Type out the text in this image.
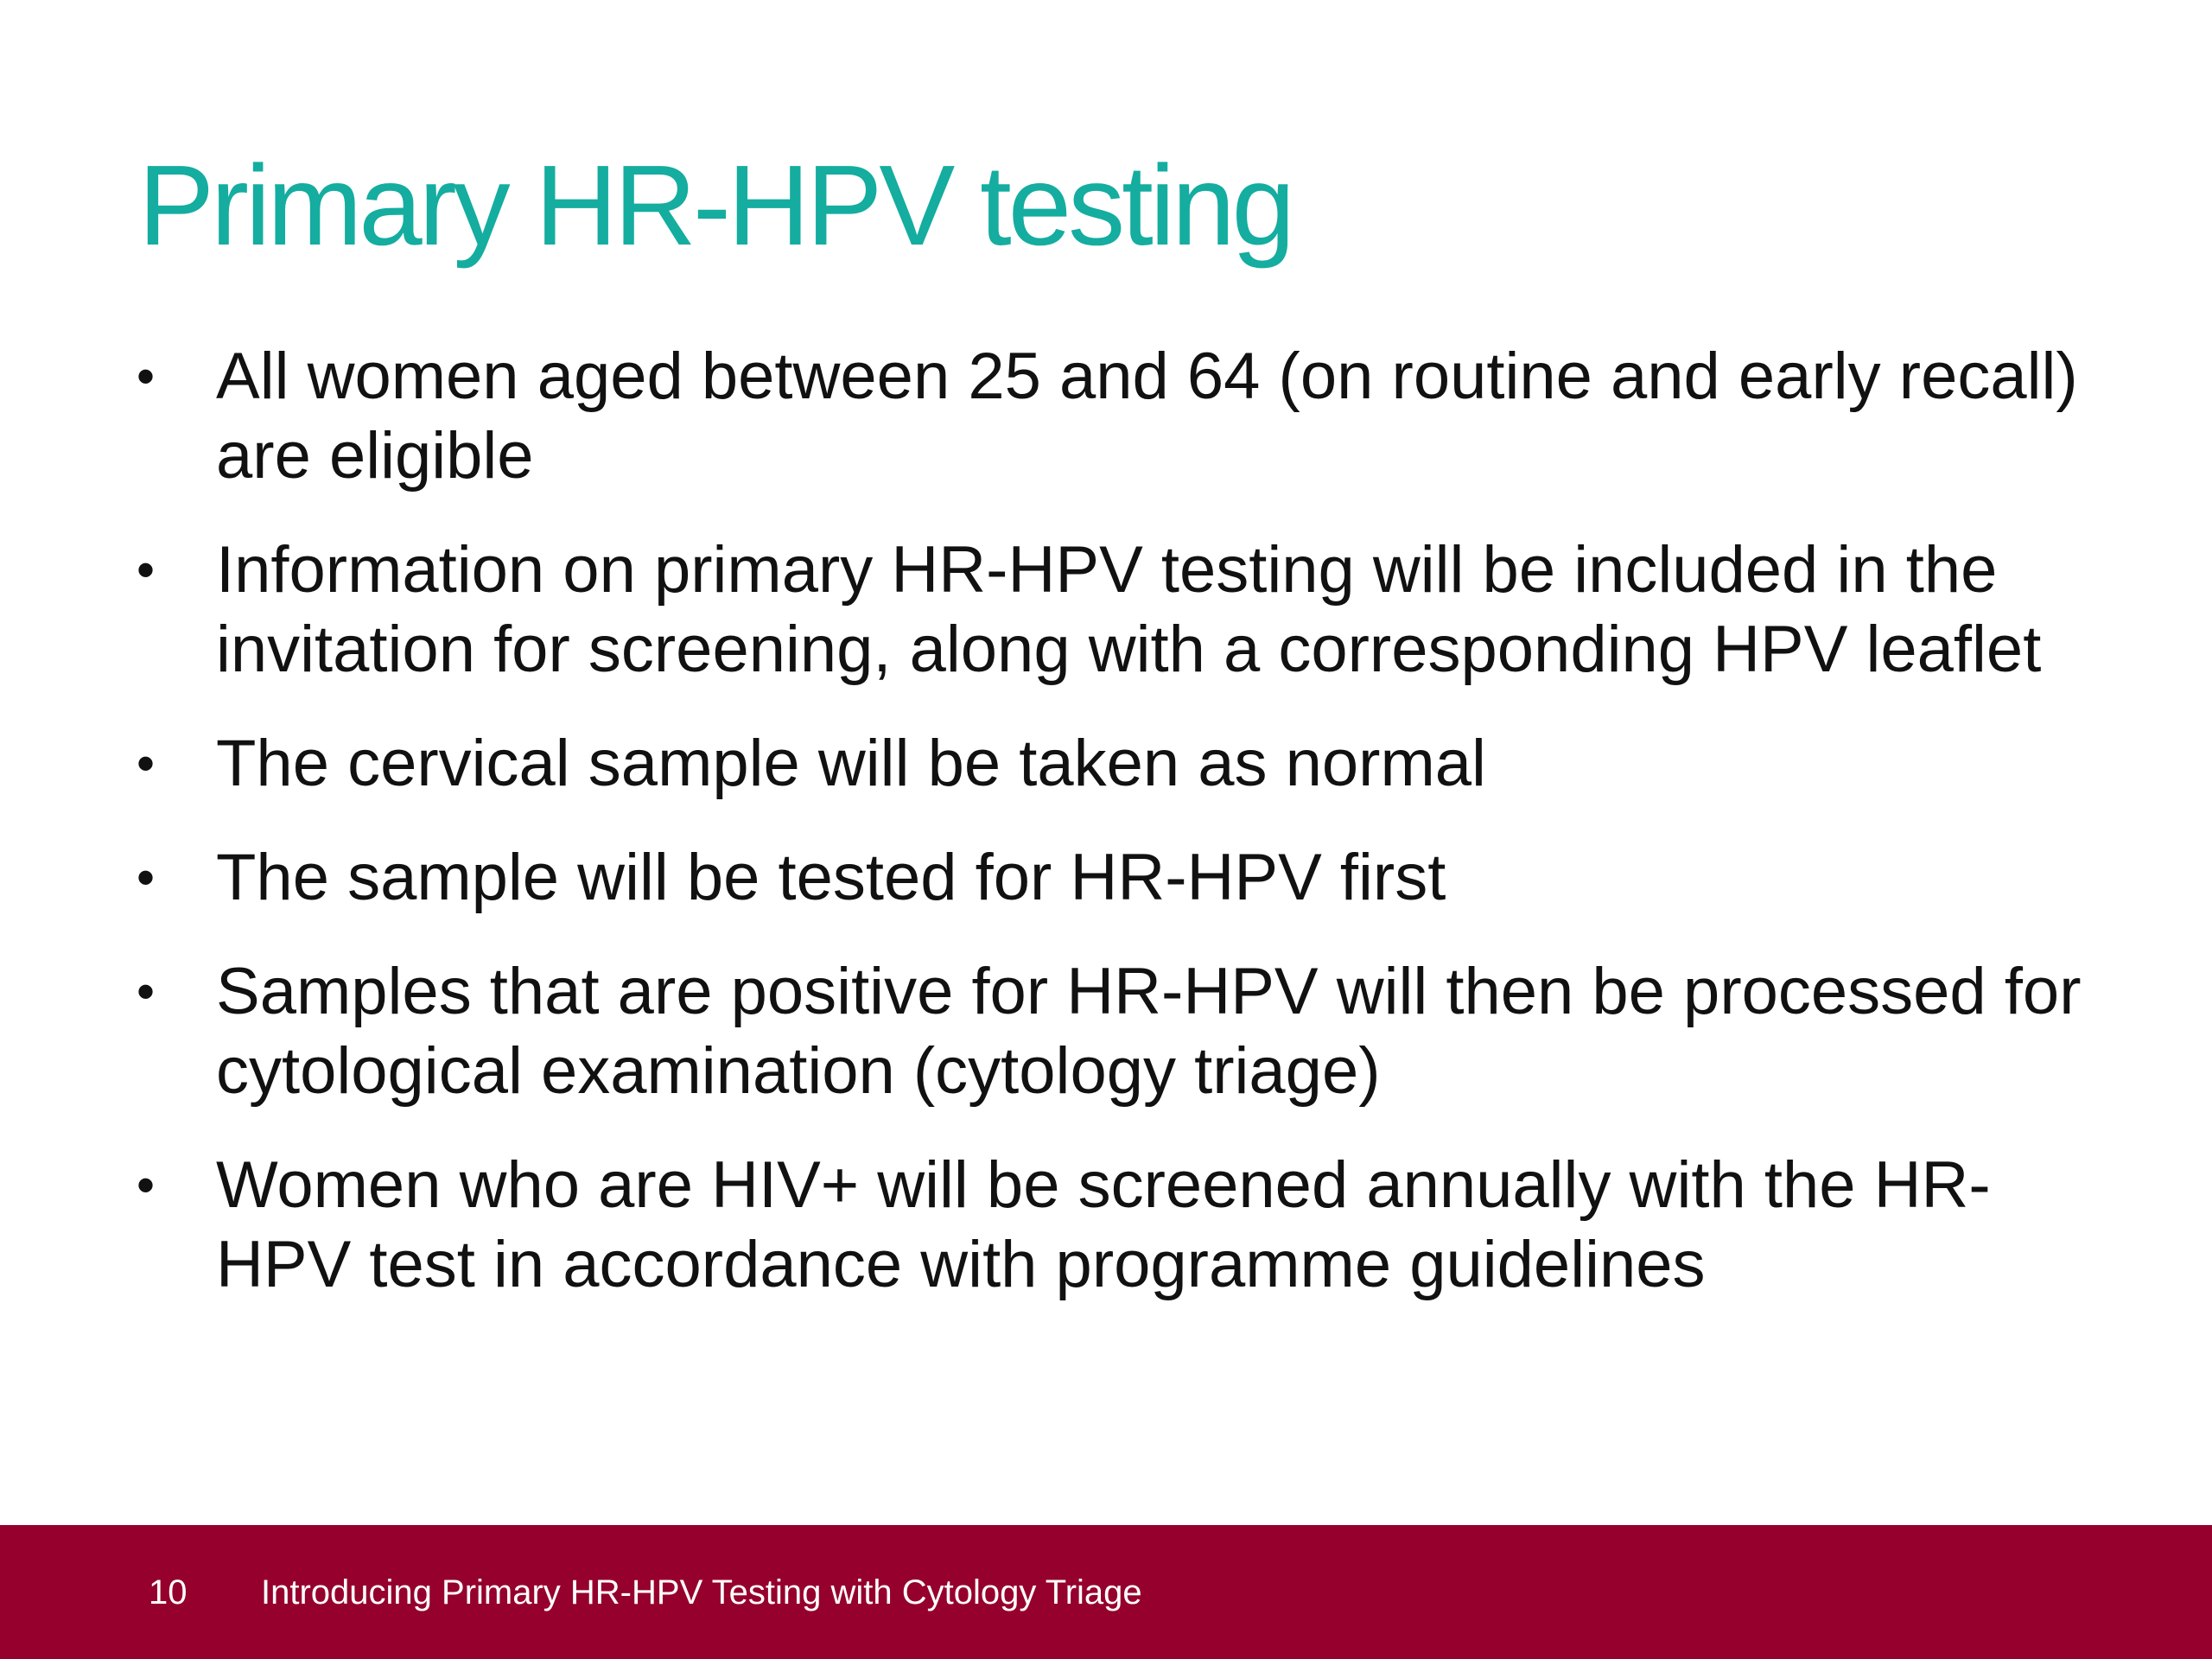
Primary HR-HPV testing
• All women aged between 25 and 64 (on routine and early recall) are eligible
• Information on primary HR-HPV testing will be included in the invitation for screening, along with a corresponding HPV leaflet
• The cervical sample will be taken as normal
• The sample will be tested for HR-HPV first
• Samples that are positive for HR-HPV will then be processed for cytological examination (cytology triage)
• Women who are HIV+ will be screened annually with the HR-HPV test in accordance with programme guidelines
10 Introducing Primary HR-HPV Testing with Cytology Triage
